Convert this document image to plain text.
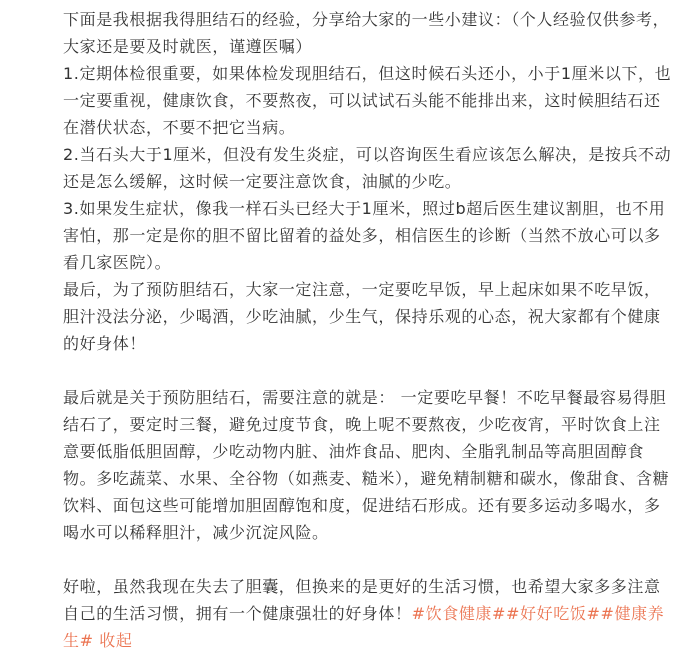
下面是我根据我得胆结石的经验，分享给大家的一些小建议：（个人经验仅供参考，大家还是要及时就医，谨遵医嘱）

1.定期体检很重要，如果体检发现胆结石，但这时候石头还小，小于1厘米以下，也一定要重视，健康饮食，不要熬夜，可以试试石头能不能排出来，这时候胆结石还在潜伏状态，不要不把它当病。

2.当石头大于1厘米，但没有发生炎症，可以咨询医生看应该怎么解决，是按兵不动还是怎么缓解，这时候一定要注意饮食，油腻的少吃。

3.如果发生症状，像我一样石头已经大于1厘米，照过b超后医生建议割胆，也不用害怕，那一定是你的胆不留比留着的益处多，相信医生的诊断（当然不放心可以多看几家医院）。

最后，为了预防胆结石，大家一定注意，一定要吃早饭，早上起床如果不吃早饭，胆汁没法分泌，少喝酒，少吃油腻，少生气，保持乐观的心态，祝大家都有个健康的好身体！

最后就是关于预防胆结石，需要注意的就是： 一定要吃早餐！不吃早餐最容易得胆结石了，要定时三餐，避免过度节食，晚上呢不要熬夜，少吃夜宵，平时饮食上注意要低脂低胆固醇，少吃动物内脏、油炸食品、肥肉、全脂乳制品等高胆固醇食物。多吃蔬菜、水果、全谷物（如燕麦、糙米），避免精制糖和碳水，像甜食、含糖饮料、面包这些可能增加胆固醇饱和度，促进结石形成。还有要多运动多喝水，多喝水可以稀释胆汁，减少沉淀风险。

好啦，虽然我现在失去了胆囊，但换来的是更好的生活习惯，也希望大家多多注意自己的生活习惯，拥有一个健康强壮的好身体！#饮食健康##好好吃饭##健康养生# 收起
